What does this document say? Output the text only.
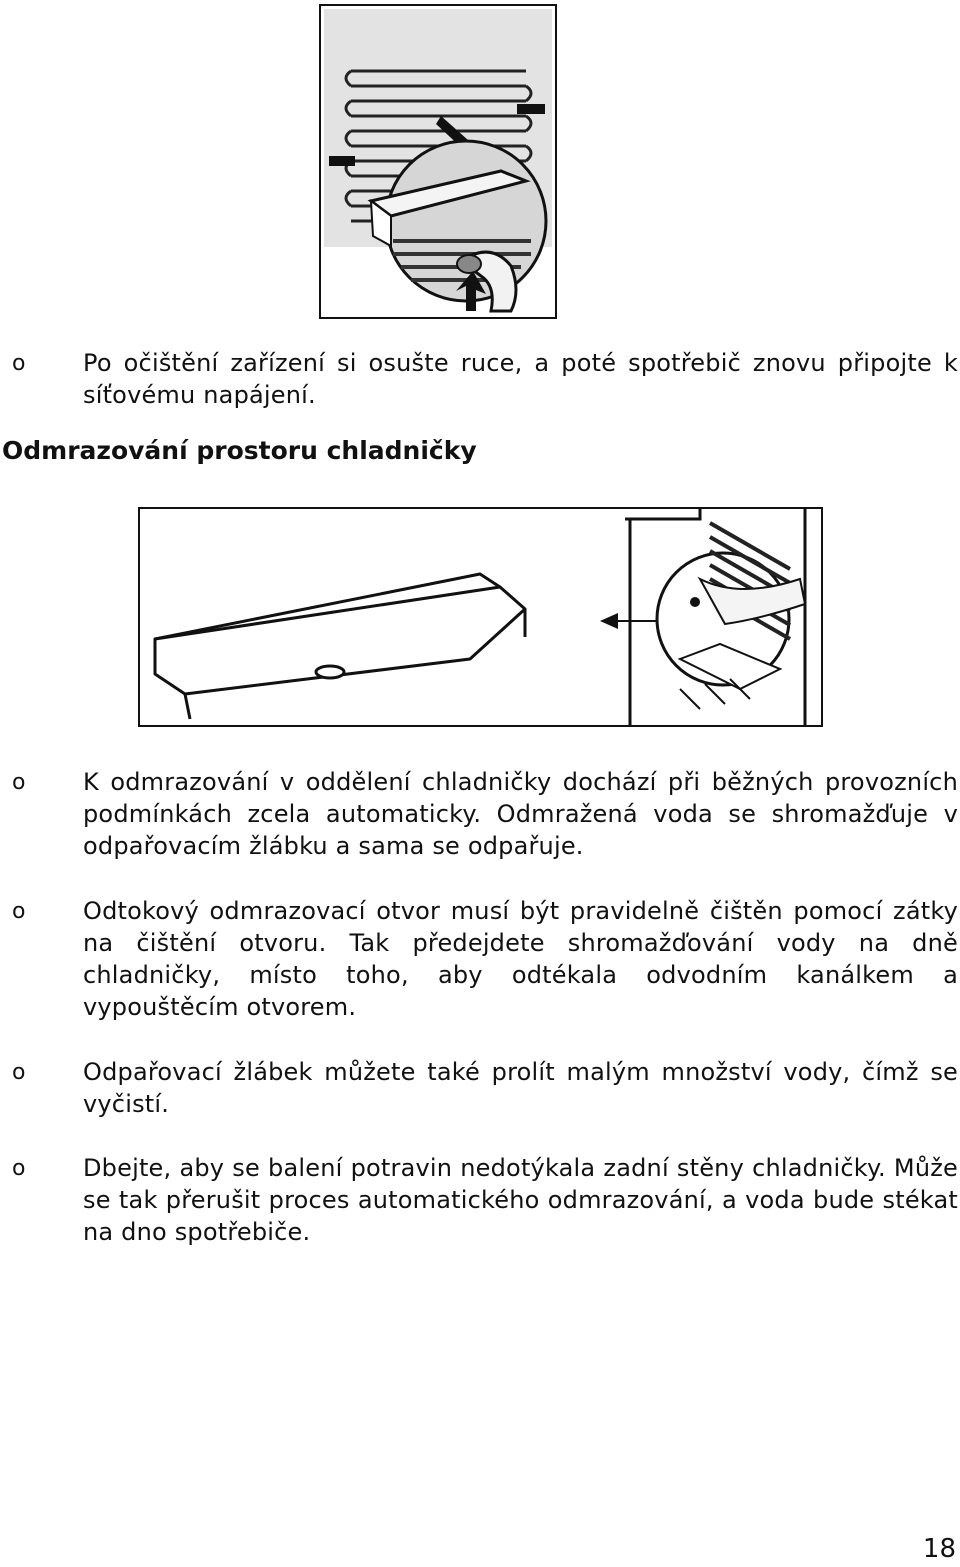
o Po očištění zařízení si osušte ruce, a poté spotřebič znovu připojte k síťovému napájení.
Odmrazování prostoru chladničky
o K odmrazování v oddělení chladničky dochází při běžných provozních podmínkách zcela automaticky. Odmražená voda se shromažďuje v odpařovacím žlábku a sama se odpařuje.
o Odtokový odmrazovací otvor musí být pravidelně čištěn pomocí zátky na čištění otvoru. Tak předejdete shromažďování vody na dně chladničky, místo toho, aby odtékala odvodním kanálkem a vypouštěcím otvorem.
o Odpařovací žlábek můžete také prolít malým množství vody, čímž se vyčistí.
o Dbejte, aby se balení potravin nedotýkala zadní stěny chladničky. Může se tak přerušit proces automatického odmrazování, a voda bude stékat na dno spotřebiče.
18
